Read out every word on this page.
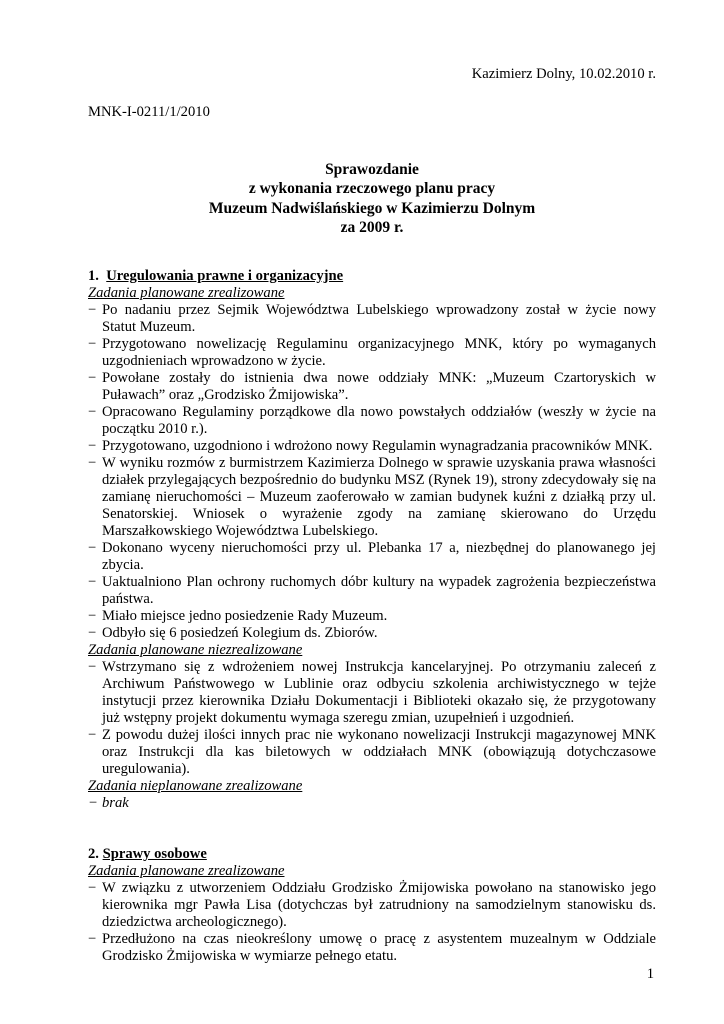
Kazimierz Dolny, 10.02.2010 r.
MNK-I-0211/1/2010
Sprawozdanie
z wykonania rzeczowego planu pracy
Muzeum Nadwiślańskiego w Kazimierzu Dolnym
za 2009 r.
1. Uregulowania prawne i organizacyjne
Zadania planowane zrealizowane
− Po nadaniu przez Sejmik Województwa Lubelskiego wprowadzony został w życie nowy Statut Muzeum.
− Przygotowano nowelizację Regulaminu organizacyjnego MNK, który po wymaganych uzgodnieniach wprowadzono w życie.
− Powołane zostały do istnienia dwa nowe oddziały MNK: „Muzeum Czartoryskich w Puławach” oraz „Grodzisko Żmijowiska”.
− Opracowano Regulaminy porządkowe dla nowo powstałych oddziałów (weszły w życie na początku 2010 r.).
− Przygotowano, uzgodniono i wdrożono nowy Regulamin wynagradzania pracowników MNK.
− W wyniku rozmów z burmistrzem Kazimierza Dolnego w sprawie uzyskania prawa własności działek przylegających bezpośrednio do budynku MSZ (Rynek 19), strony zdecydowały się na zamianę nieruchomości – Muzeum zaoferowało w zamian budynek kuźni z działką przy ul. Senatorskiej. Wniosek o wyrażenie zgody na zamianę skierowano do Urzędu Marszałkowskiego Województwa Lubelskiego.
− Dokonano wyceny nieruchomości przy ul. Plebanka 17 a, niezbędnej do planowanego jej zbycia.
− Uaktualniono Plan ochrony ruchomych dóbr kultury na wypadek zagrożenia bezpieczeństwa państwa.
− Miało miejsce jedno posiedzenie Rady Muzeum.
− Odbyło się 6 posiedzeń Kolegium ds. Zbiorów.
Zadania planowane niezrealizowane
− Wstrzymano się z wdrożeniem nowej Instrukcja kancelaryjnej. Po otrzymaniu zaleceń z Archiwum Państwowego w Lublinie oraz odbyciu szkolenia archiwistycznego w tejże instytucji przez kierownika Działu Dokumentacji i Biblioteki okazało się, że przygotowany już wstępny projekt dokumentu wymaga szeregu zmian, uzupełnień i uzgodnień.
− Z powodu dużej ilości innych prac nie wykonano nowelizacji Instrukcji magazynowej MNK oraz Instrukcji dla kas biletowych w oddziałach MNK (obowiązują dotychczasowe uregulowania).
Zadania nieplanowane zrealizowane
− brak
2. Sprawy osobowe
Zadania planowane zrealizowane
− W związku z utworzeniem Oddziału Grodzisko Żmijowiska powołano na stanowisko jego kierownika mgr Pawła Lisa (dotychczas był zatrudniony na samodzielnym stanowisku ds. dziedzictwa archeologicznego).
− Przedłużono na czas nieokreślony umowę o pracę z asystentem muzealnym w Oddziale Grodzisko Żmijowiska w wymiarze pełnego etatu.
1
